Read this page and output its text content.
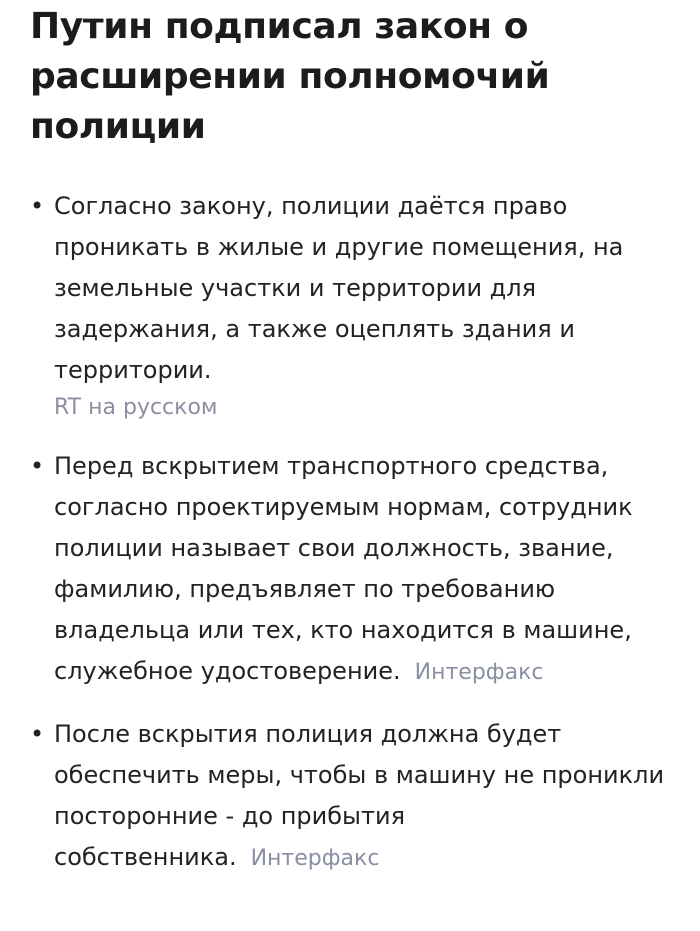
Путин подписал закон о расширении полномочий полиции
• Согласно закону, полиции даётся право проникать в жилые и другие помещения, на земельные участки и территории для задержания, а также оцеплять здания и территории.
RT на русском
• Перед вскрытием транспортного средства, согласно проектируемым нормам, сотрудник полиции называет свои должность, звание, фамилию, предъявляет по требованию владельца или тех, кто находится в машине, служебное удостоверение. Интерфакс
• После вскрытия полиция должна будет обеспечить меры, чтобы в машину не проникли посторонние - до прибытия собственника. Интерфакс
